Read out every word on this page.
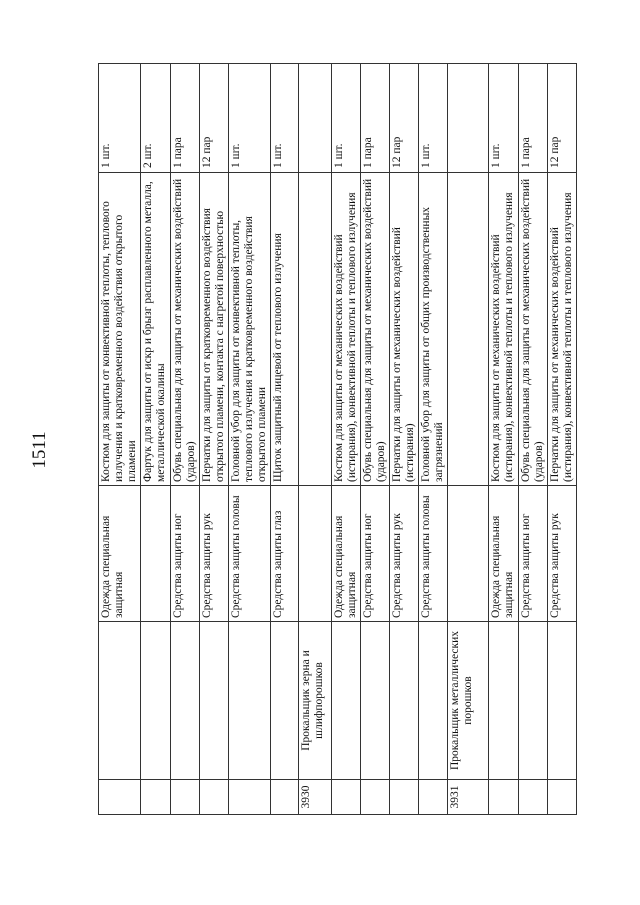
1511
		Одежда специальная защитная	Костюм для защиты от конвективной теплоты, теплового излучения и кратковременного воздействия открытого пламени	1 шт.
			Фартук для защиты от искр и брызг расплавленного металла, металлической окалины	2 шт.
		Средства защиты ног	Обувь специальная для защиты от механических воздействий (ударов)	1 пара
		Средства защиты рук	Перчатки для защиты от кратковременного воздействия открытого пламени, контакта с нагретой поверхностью	12 пар
		Средства защиты головы	Головной убор для защиты от конвективной теплоты, теплового излучения и кратковременного воздействия открытого пламени	1 шт.
		Средства защиты глаз	Щиток защитный лицевой от теплового излучения	1 шт.
3930	Прокальщик зерна и шлифпорошков			
		Одежда специальная защитная	Костюм для защиты от механических воздействий (истирания), конвективной теплоты и теплового излучения	1 шт.
		Средства защиты ног	Обувь специальная для защиты от механических воздействий (ударов)	1 пара
		Средства защиты рук	Перчатки для защиты от механических воздействий (истирания)	12 пар
		Средства защиты головы	Головной убор для защиты от общих производственных загрязнений	1 шт.
3931	Прокальщик металлических порошков			
		Одежда специальная защитная	Костюм для защиты от механических воздействий (истирания), конвективной теплоты и теплового излучения	1 шт.
		Средства защиты ног	Обувь специальная для защиты от механических воздействий (ударов)	1 пара
		Средства защиты рук	Перчатки для защиты от механических воздействий (истирания), конвективной теплоты и теплового излучения	12 пар
